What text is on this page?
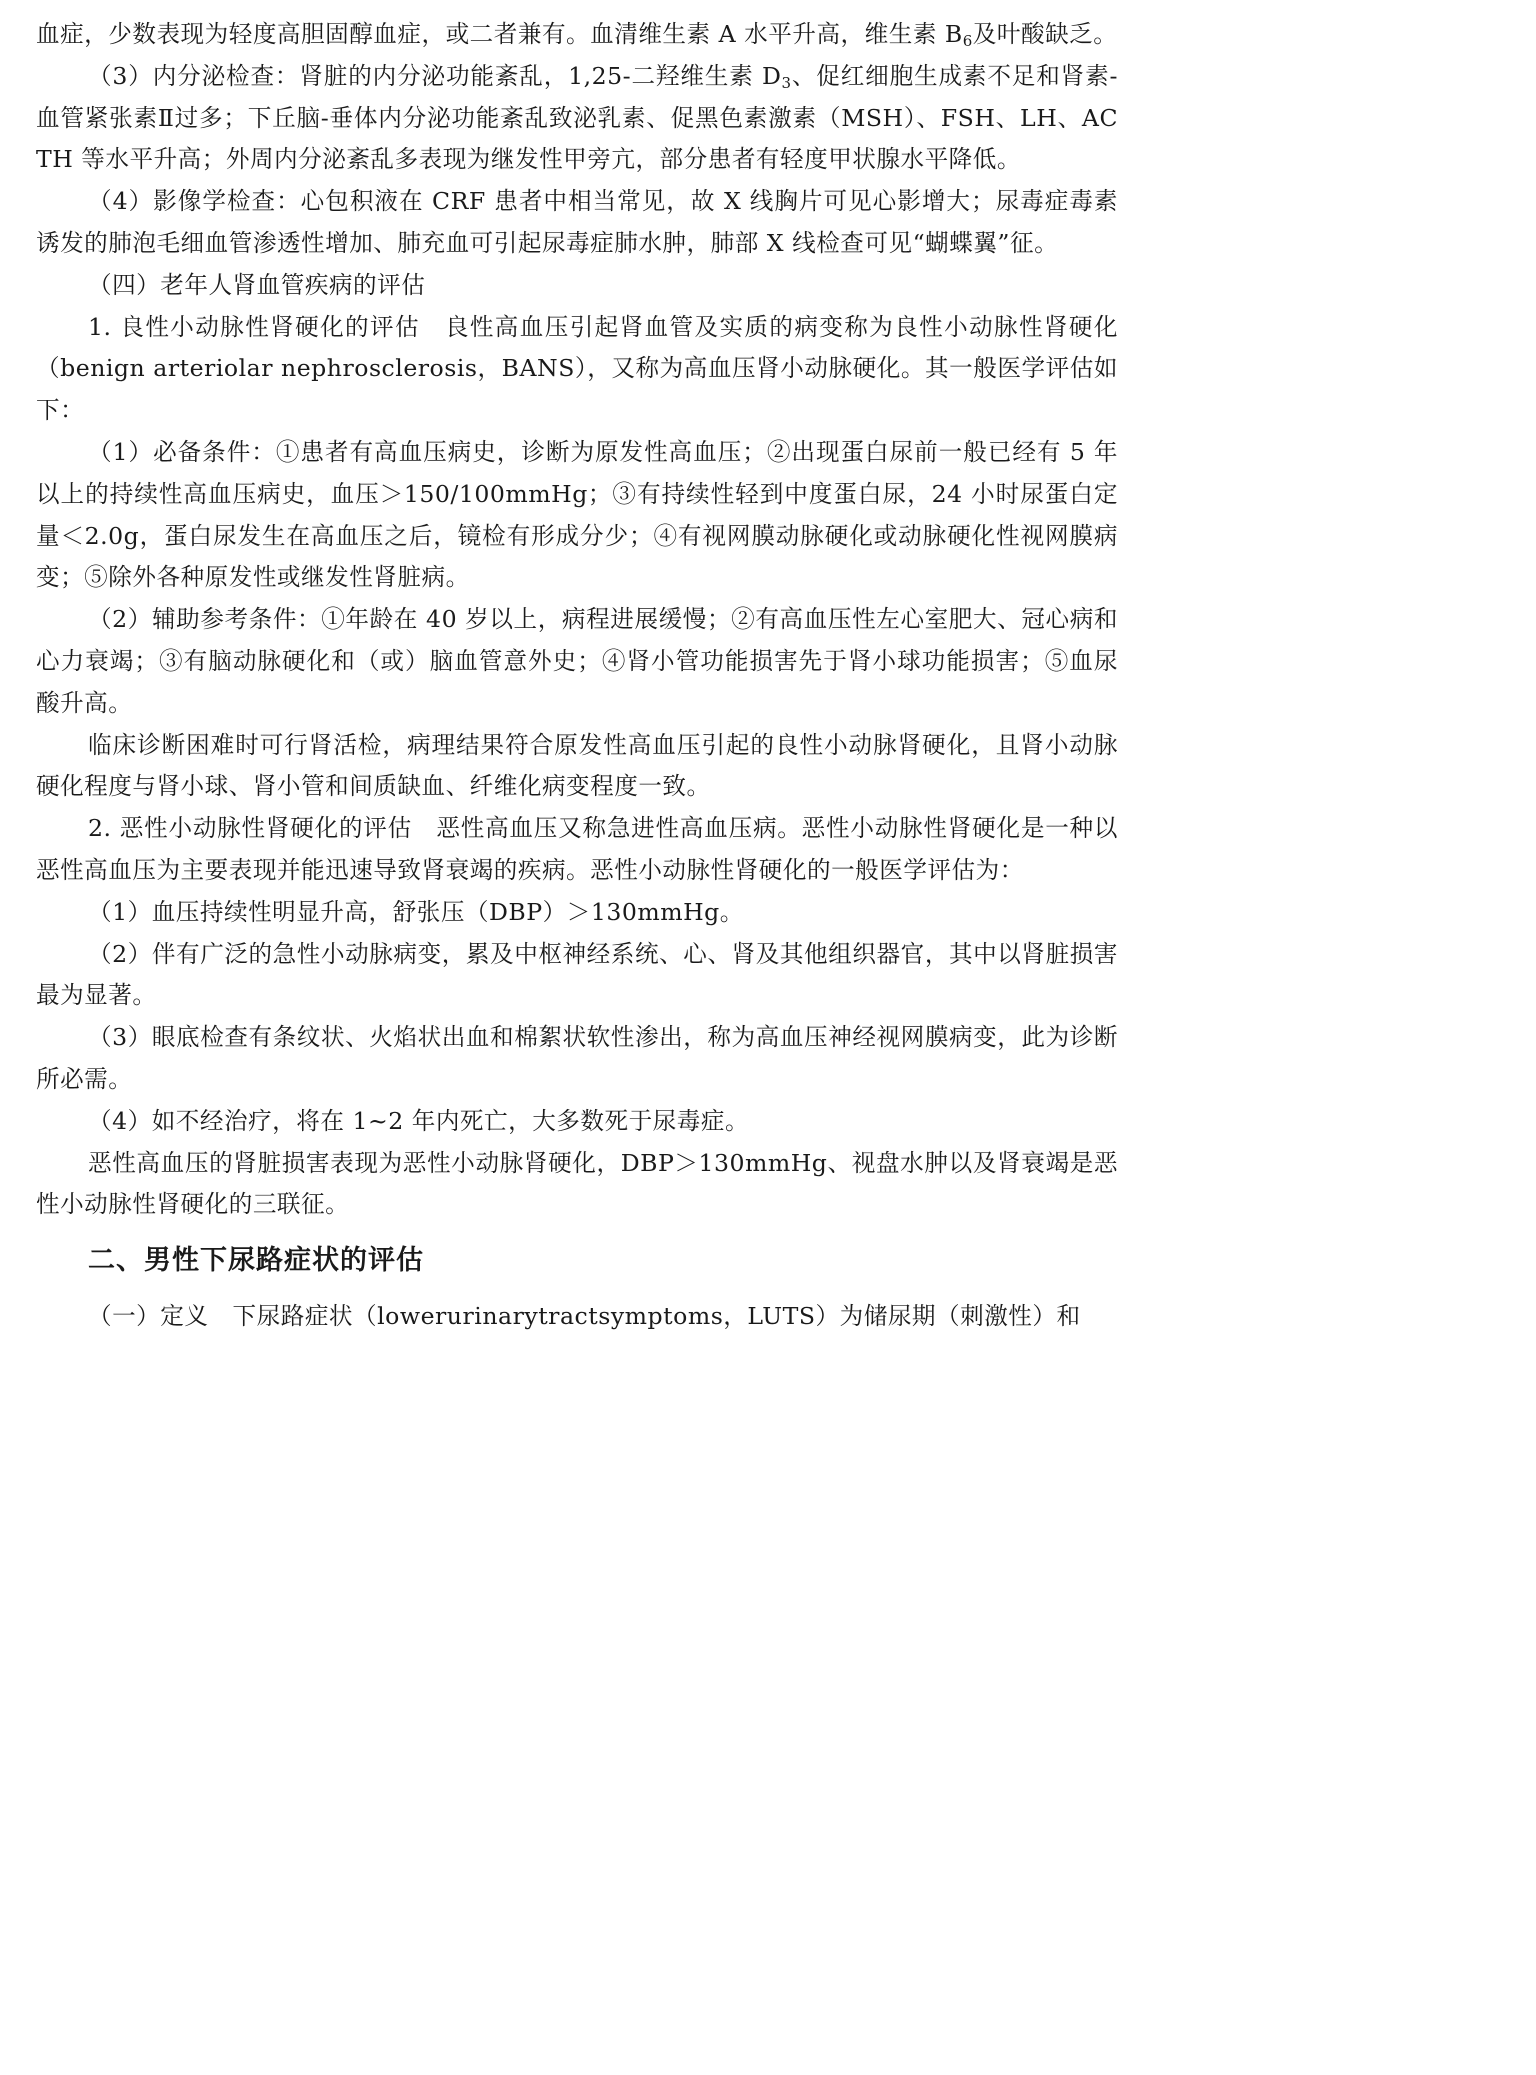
血症，少数表现为轻度高胆固醇血症，或二者兼有。血清维生素 A 水平升高，维生素 $B_6$及叶酸缺乏。

（3）内分泌检查：肾脏的内分泌功能紊乱，1,25-二羟维生素 $D_3$、促红细胞生成素不足和肾素-血管紧张素Ⅱ过多；下丘脑-垂体内分泌功能紊乱致泌乳素、促黑色素激素（MSH）、FSH、LH、ACTH 等水平升高；外周内分泌紊乱多表现为继发性甲旁亢，部分患者有轻度甲状腺水平降低。

（4）影像学检查：心包积液在 CRF 患者中相当常见，故 X 线胸片可见心影增大；尿毒症毒素诱发的肺泡毛细血管渗透性增加、肺充血可引起尿毒症肺水肿，肺部 X 线检查可见“蝴蝶翼”征。

（四）老年人肾血管疾病的评估

1. 良性小动脉性肾硬化的评估　良性高血压引起肾血管及实质的病变称为良性小动脉性肾硬化（benign arteriolar nephrosclerosis，BANS），又称为高血压肾小动脉硬化。其一般医学评估如下：

（1）必备条件：①患者有高血压病史，诊断为原发性高血压；②出现蛋白尿前一般已经有 5 年以上的持续性高血压病史，血压＞150/100mmHg；③有持续性轻到中度蛋白尿，24 小时尿蛋白定量＜2.0g，蛋白尿发生在高血压之后，镜检有形成分少；④有视网膜动脉硬化或动脉硬化性视网膜病变；⑤除外各种原发性或继发性肾脏病。

（2）辅助参考条件：①年龄在 40 岁以上，病程进展缓慢；②有高血压性左心室肥大、冠心病和心力衰竭；③有脑动脉硬化和（或）脑血管意外史；④肾小管功能损害先于肾小球功能损害；⑤血尿酸升高。

临床诊断困难时可行肾活检，病理结果符合原发性高血压引起的良性小动脉肾硬化，且肾小动脉硬化程度与肾小球、肾小管和间质缺血、纤维化病变程度一致。

2. 恶性小动脉性肾硬化的评估　恶性高血压又称急进性高血压病。恶性小动脉性肾硬化是一种以恶性高血压为主要表现并能迅速导致肾衰竭的疾病。恶性小动脉性肾硬化的一般医学评估为：

（1）血压持续性明显升高，舒张压（DBP）＞130mmHg。

（2）伴有广泛的急性小动脉病变，累及中枢神经系统、心、肾及其他组织器官，其中以肾脏损害最为显著。

（3）眼底检查有条纹状、火焰状出血和棉絮状软性渗出，称为高血压神经视网膜病变，此为诊断所必需。

（4）如不经治疗，将在 1~2 年内死亡，大多数死于尿毒症。

恶性高血压的肾脏损害表现为恶性小动脉肾硬化，DBP＞130mmHg、视盘水肿以及肾衰竭是恶性小动脉性肾硬化的三联征。

二、男性下尿路症状的评估

（一）定义　下尿路症状（lowerurinarytractsymptoms，LUTS）为储尿期（刺激性）和
